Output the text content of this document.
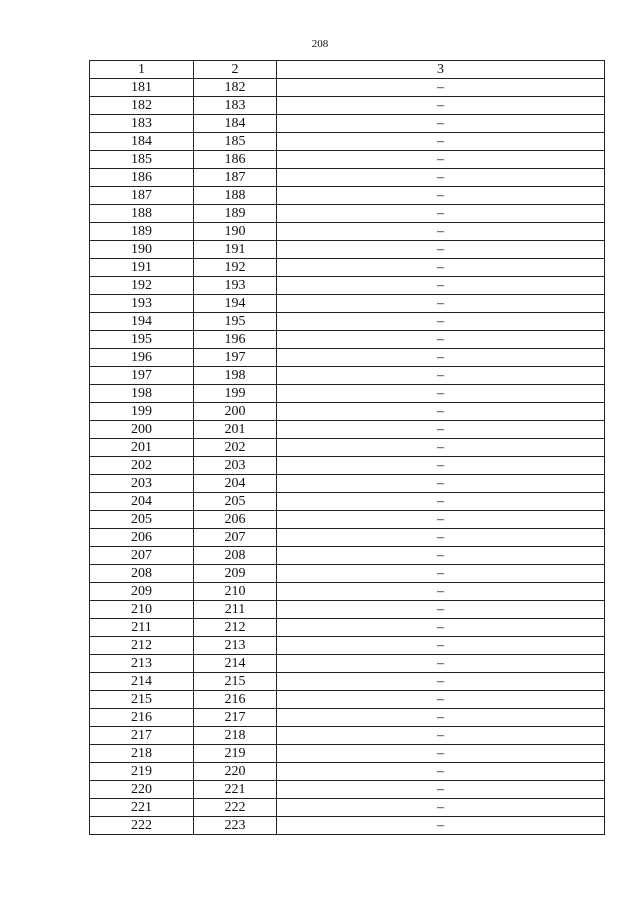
208
1	2	3
181	182	–
182	183	–
183	184	–
184	185	–
185	186	–
186	187	–
187	188	–
188	189	–
189	190	–
190	191	–
191	192	–
192	193	–
193	194	–
194	195	–
195	196	–
196	197	–
197	198	–
198	199	–
199	200	–
200	201	–
201	202	–
202	203	–
203	204	–
204	205	–
205	206	–
206	207	–
207	208	–
208	209	–
209	210	–
210	211	–
211	212	–
212	213	–
213	214	–
214	215	–
215	216	–
216	217	–
217	218	–
218	219	–
219	220	–
220	221	–
221	222	–
222	223	–
